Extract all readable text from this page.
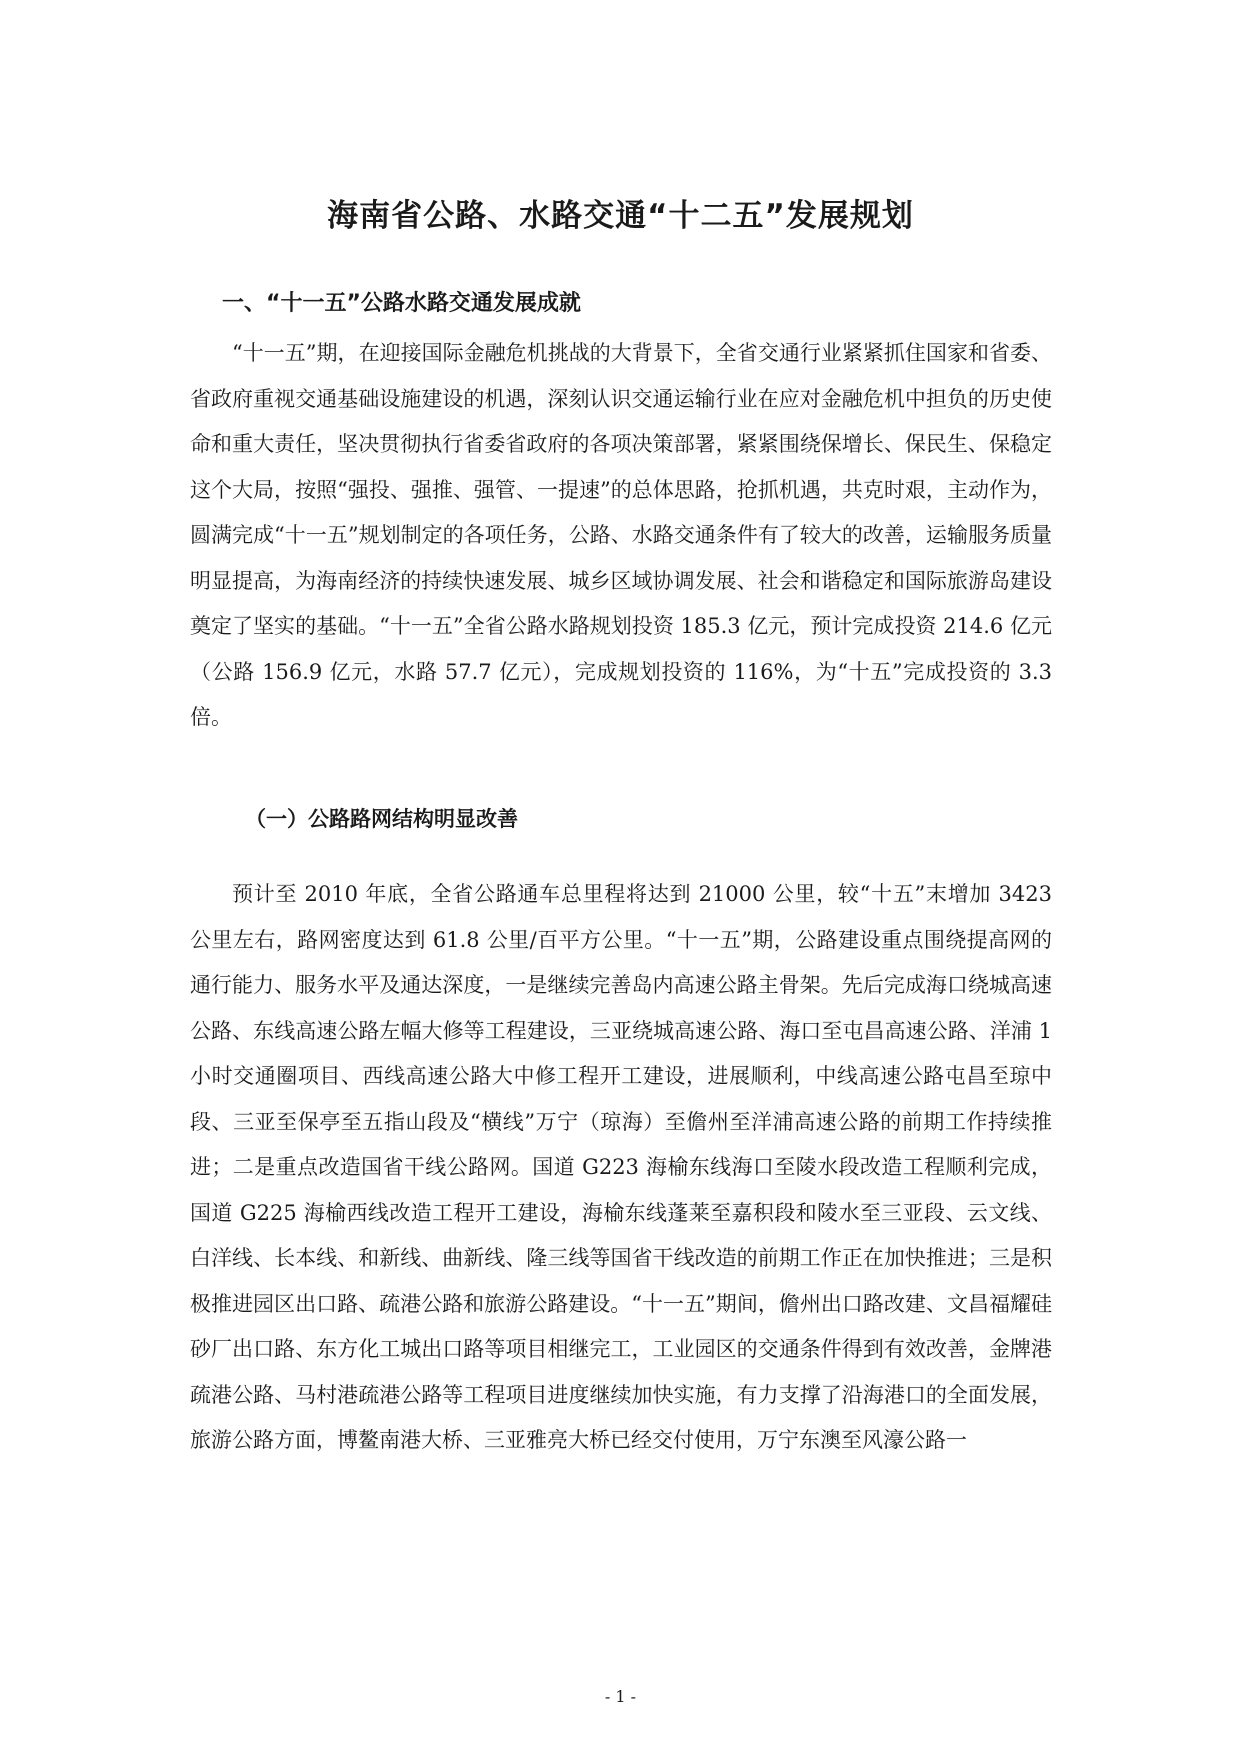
海南省公路、水路交通“十二五”发展规划
一、“十一五”公路水路交通发展成就

“十一五”期，在迎接国际金融危机挑战的大背景下，全省交通行业紧紧抓住国家和省委、省政府重视交通基础设施建设的机遇，深刻认识交通运输行业在应对金融危机中担负的历史使命和重大责任，坚决贯彻执行省委省政府的各项决策部署，紧紧围绕保增长、保民生、保稳定这个大局，按照“强投、强推、强管、一提速”的总体思路，抢抓机遇，共克时艰，主动作为，圆满完成“十一五”规划制定的各项任务，公路、水路交通条件有了较大的改善，运输服务质量明显提高，为海南经济的持续快速发展、城乡区域协调发展、社会和谐稳定和国际旅游岛建设奠定了坚实的基础。“十一五”全省公路水路规划投资 185.3 亿元，预计完成投资 214.6 亿元（公路 156.9 亿元，水路 57.7 亿元），完成规划投资的 116%，为“十五”完成投资的 3.3 倍。

（一）公路路网结构明显改善

预计至 2010 年底，全省公路通车总里程将达到 21000 公里，较“十五”末增加 3423 公里左右，路网密度达到 61.8 公里/百平方公里。“十一五”期，公路建设重点围绕提高网的通行能力、服务水平及通达深度，一是继续完善岛内高速公路主骨架。先后完成海口绕城高速公路、东线高速公路左幅大修等工程建设，三亚绕城高速公路、海口至屯昌高速公路、洋浦 1 小时交通圈项目、西线高速公路大中修工程开工建设，进展顺利，中线高速公路屯昌至琼中段、三亚至保亭至五指山段及“横线”万宁（琼海）至儋州至洋浦高速公路的前期工作持续推进；二是重点改造国省干线公路网。国道 G223 海榆东线海口至陵水段改造工程顺利完成，国道 G225 海榆西线改造工程开工建设，海榆东线蓬莱至嘉积段和陵水至三亚段、云文线、白洋线、长本线、和新线、曲新线、隆三线等国省干线改造的前期工作正在加快推进；三是积极推进园区出口路、疏港公路和旅游公路建设。“十一五”期间，儋州出口路改建、文昌福耀硅砂厂出口路、东方化工城出口路等项目相继完工，工业园区的交通条件得到有效改善，金牌港疏港公路、马村港疏港公路等工程项目进度继续加快实施，有力支撑了沿海港口的全面发展，旅游公路方面，博鳌南港大桥、三亚雅亮大桥已经交付使用，万宁东澳至风濠公路一

- 1 -
